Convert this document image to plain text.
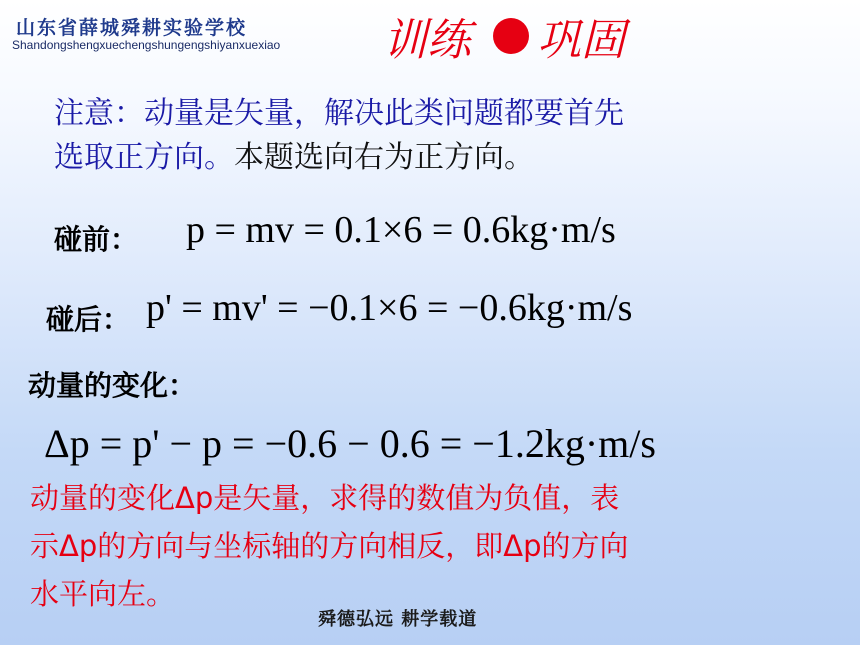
山东省薛城舜耕实验学校
Shandongshengxuechengshungengshiyanxuexiao 训练 巩固
注意：动量是矢量，解决此类问题都要首先
选取正方向。本题选向右为正方向。
碰前： p = mv = 0.1×6 = 0.6kg·m/s
碰后： p' = mv' = −0.1×6 = −0.6kg·m/s
动量的变化：
Δp = p' − p = −0.6 − 0.6 = −1.2kg·m/s
动量的变化Δp是矢量，求得的数值为负值，表
示Δp的方向与坐标轴的方向相反，即Δp的方向
水平向左。
舜德弘远 耕学载道
